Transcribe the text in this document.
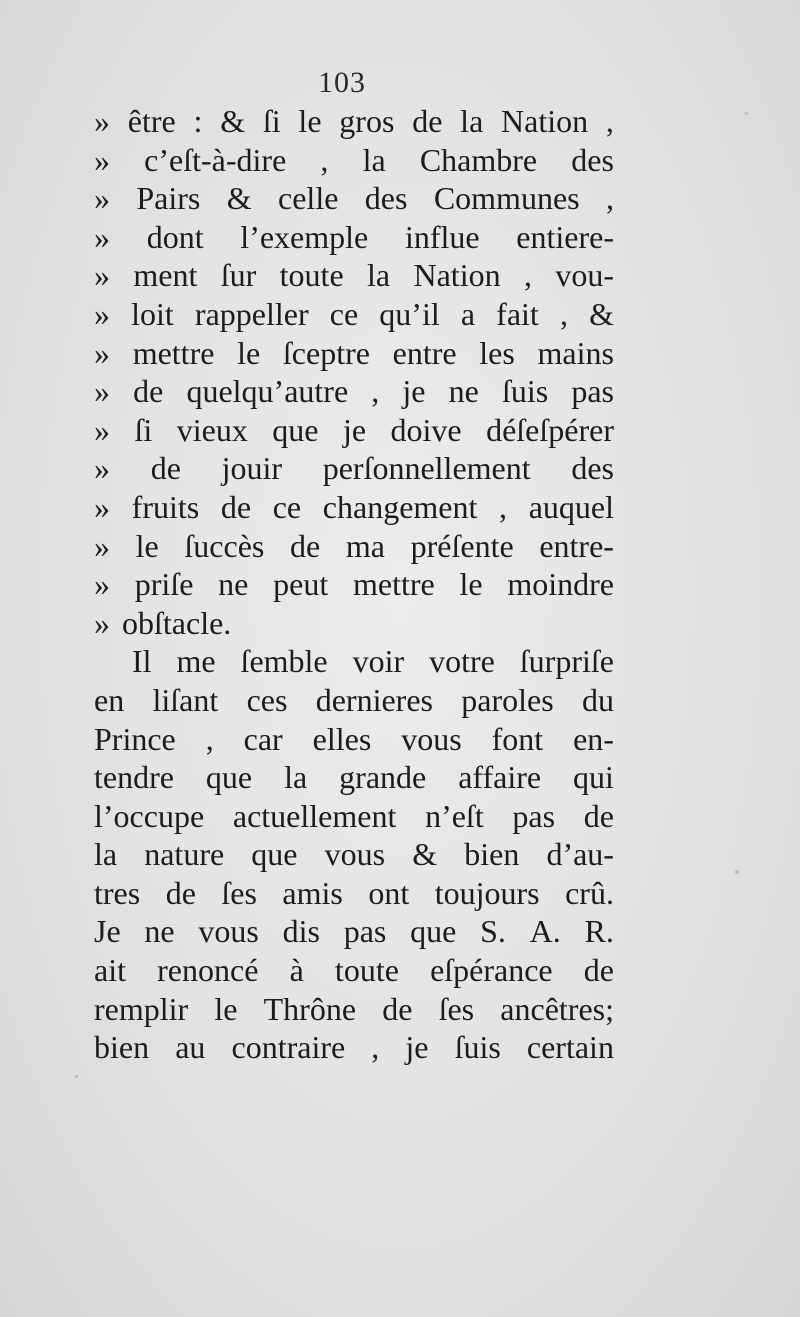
103
» être : & ſi le gros de la Nation ,
» c’eſt-à-dire , la Chambre des
» Pairs & celle des Communes ,
» dont l’exemple influe entiere-
» ment ſur toute la Nation , vou-
» loit rappeller ce qu’il a fait , &
» mettre le ſceptre entre les mains
» de quelqu’autre , je ne ſuis pas
» ſi vieux que je doive déſeſpérer
» de jouir perſonnellement des
» fruits de ce changement , auquel
» le ſuccès de ma préſente entre-
» priſe ne peut mettre le moindre
» obſtacle.
Il me ſemble voir votre ſurpriſe
en liſant ces dernieres paroles du
Prince , car elles vous font en-
tendre que la grande affaire qui
l’occupe actuellement n’eſt pas de
la nature que vous & bien d’au-
tres de ſes amis ont toujours crû.
Je ne vous dis pas que S. A. R.
ait renoncé à toute eſpérance de
remplir le Thrône de ſes ancêtres;
bien au contraire , je ſuis certain
